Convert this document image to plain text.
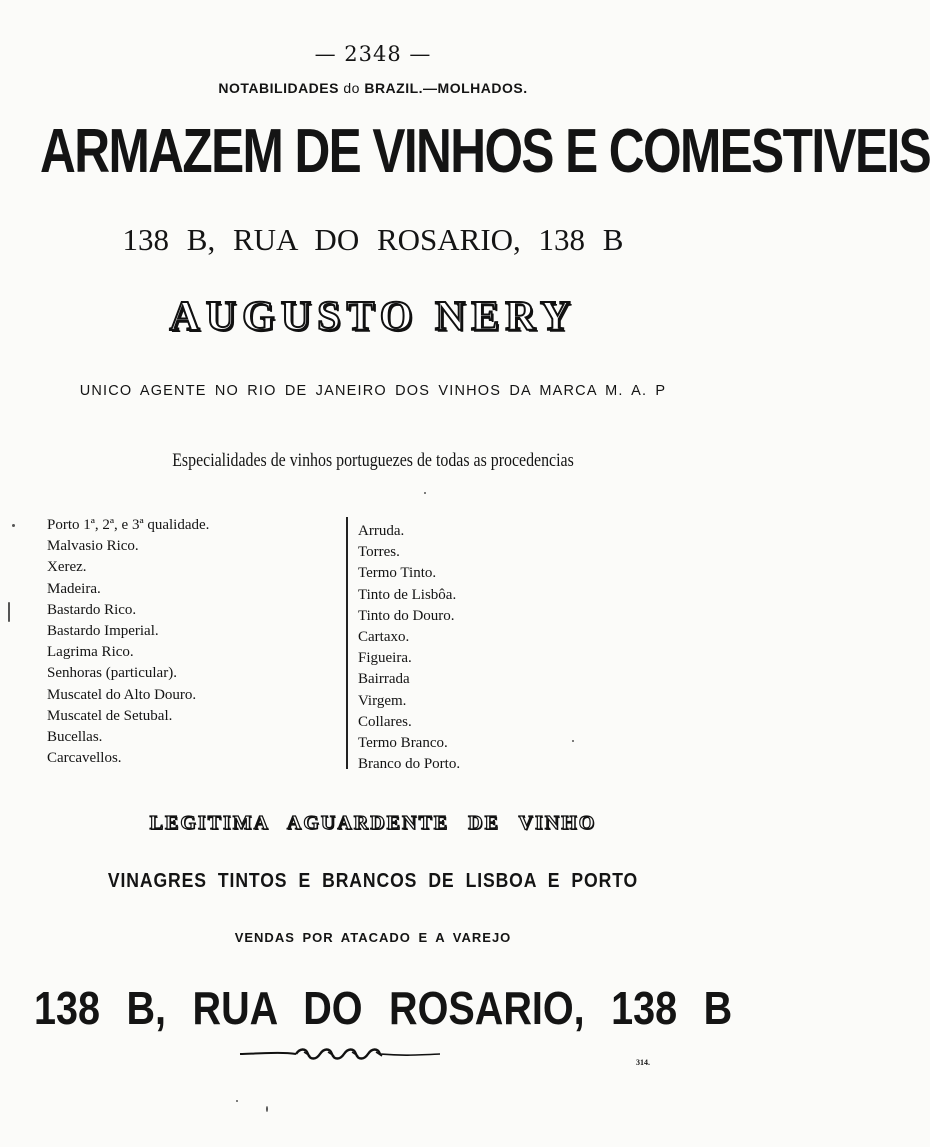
— 2348 —
NOTABILIDADES do BRAZIL.—MOLHADOS.
ARMAZEM DE VINHOS E COMESTIVEIS
138 B, RUA DO ROSARIO, 138 B
AUGUSTO NERY
UNICO AGENTE NO RIO DE JANEIRO DOS VINHOS DA MARCA M. A. P
Especialidades de vinhos portuguezes de todas as procedencias
Porto 1ª, 2ª, e 3ª qualidade.
Malvasio Rico.
Xerez.
Madeira.
Bastardo Rico.
Bastardo Imperial.
Lagrima Rico.
Senhoras (particular).
Muscatel do Alto Douro.
Muscatel de Setubal.
Bucellas.
Carcavellos.
Arruda.
Torres.
Termo Tinto.
Tinto de Lisbôa.
Tinto do Douro.
Cartaxo.
Figueira.
Bairrada
Virgem.
Collares.
Termo Branco.
Branco do Porto.
LEGITIMA AGUARDENTE DE VINHO
VINAGRES TINTOS E BRANCOS DE LISBOA E PORTO
VENDAS POR ATACADO E A VAREJO
138 B, RUA DO ROSARIO, 138 B
314.
